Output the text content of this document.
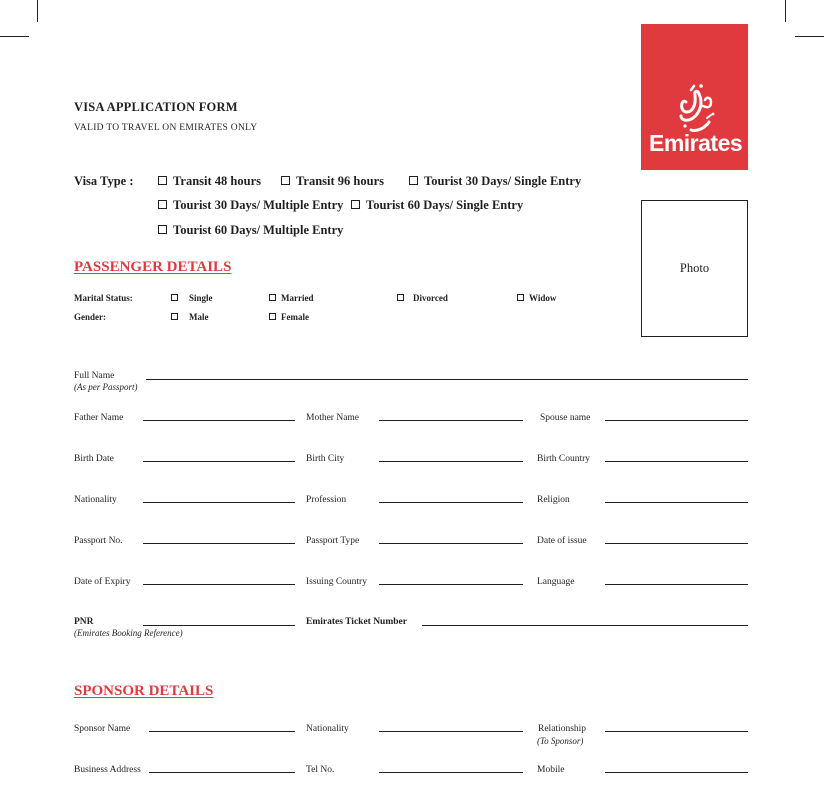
VISA APPLICATION FORM
VALID TO TRAVEL ON EMIRATES ONLY
Emirates
Visa Type :	Transit 48 hours	Transit 96 hours	Tourist 30 Days/ Single Entry
Tourist 30 Days/ Multiple Entry	Tourist 60 Days/ Single Entry
Tourist 60 Days/ Multiple Entry
Photo
PASSENGER DETAILS
Marital Status:	Single	Married	Divorced	Widow
Gender:	Male	Female
Full Name
(As per Passport)
Father Name	Mother Name	Spouse name
Birth Date	Birth City	Birth Country
Nationality	Profession	Religion
Passport No.	Passport Type	Date of issue
Date of Expiry	Issuing Country	Language
PNR
(Emirates Booking Reference)
Emirates Ticket Number
SPONSOR DETAILS
Sponsor Name	Nationality	Relationship
(To Sponsor)
Business Address	Tel No.	Mobile
